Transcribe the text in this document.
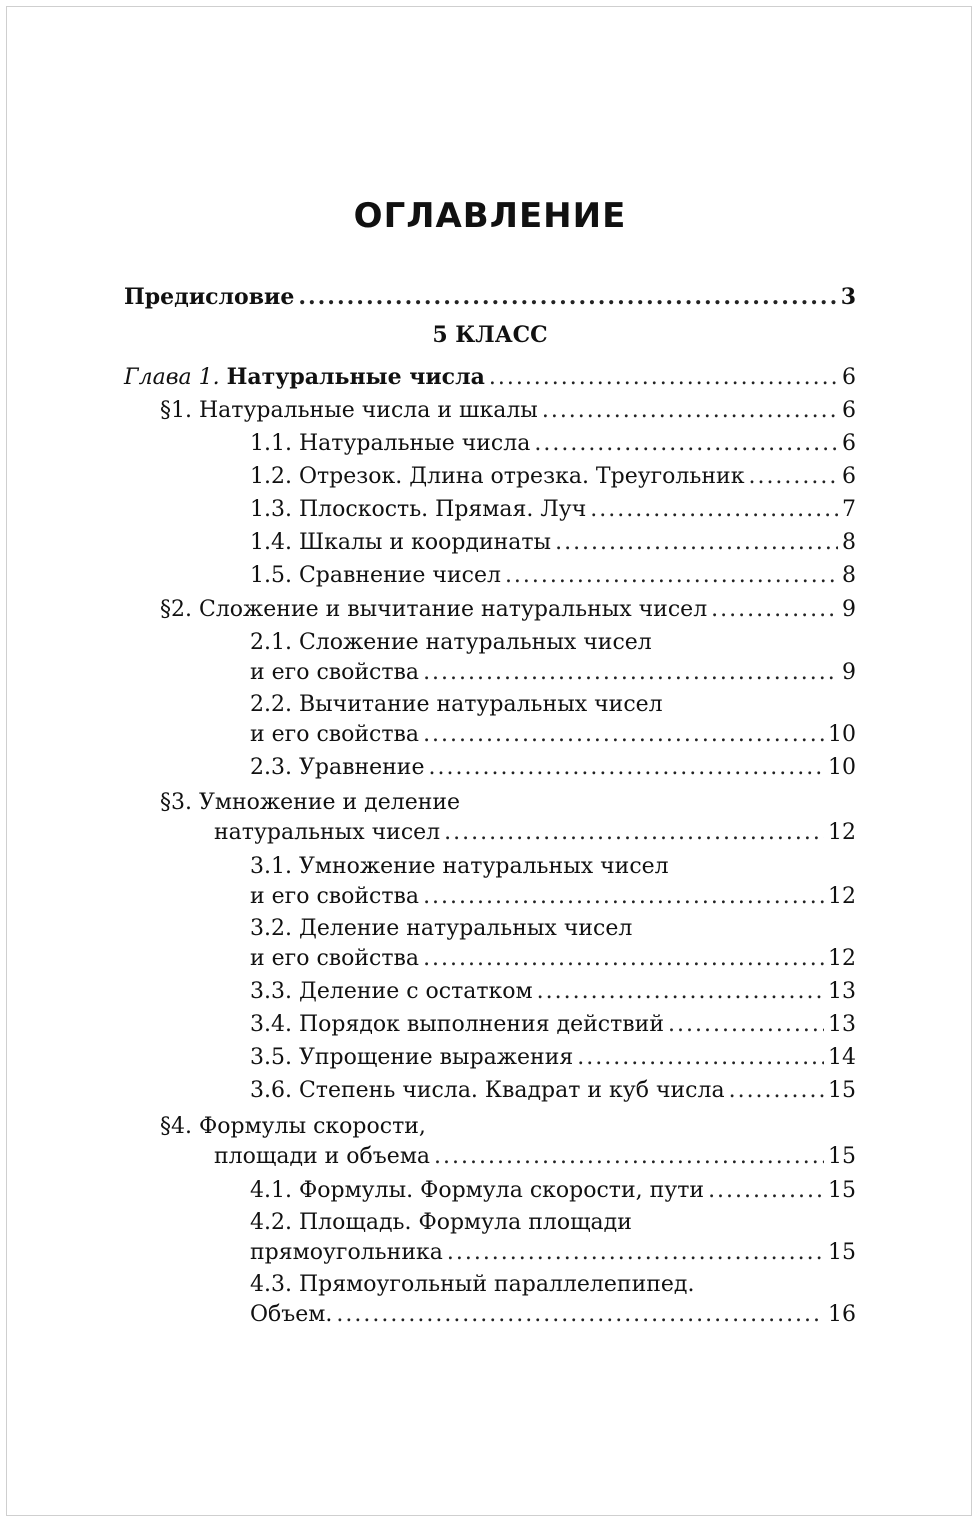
ОГЛАВЛЕНИЕ
Предисловие .....	3
5 КЛАСС
Глава 1. Натуральные числа .....	6
§1. Натуральные числа и шкалы .....	6
1.1. Натуральные числа .....	6
1.2. Отрезок. Длина отрезка. Треугольник .....	6
1.3. Плоскость. Прямая. Луч .....	7
1.4. Шкалы и координаты .....	8
1.5. Сравнение чисел .....	8
§2. Сложение и вычитание натуральных чисел .....	9
2.1. Сложение натуральных чисел
и его свойства .....	9
2.2. Вычитание натуральных чисел
и его свойства .....	10
2.3. Уравнение .....	10
§3. Умножение и деление
натуральных чисел .....	12
3.1. Умножение натуральных чисел
и его свойства .....	12
3.2. Деление натуральных чисел
и его свойства .....	12
3.3. Деление с остатком .....	13
3.4. Порядок выполнения действий .....	13
3.5. Упрощение выражения .....	14
3.6. Степень числа. Квадрат и куб числа .....	15
§4. Формулы скорости,
площади и объема .....	15
4.1. Формулы. Формула скорости, пути .....	15
4.2. Площадь. Формула площади
прямоугольника .....	15
4.3. Прямоугольный параллелепипед.
Объем. .....	16
